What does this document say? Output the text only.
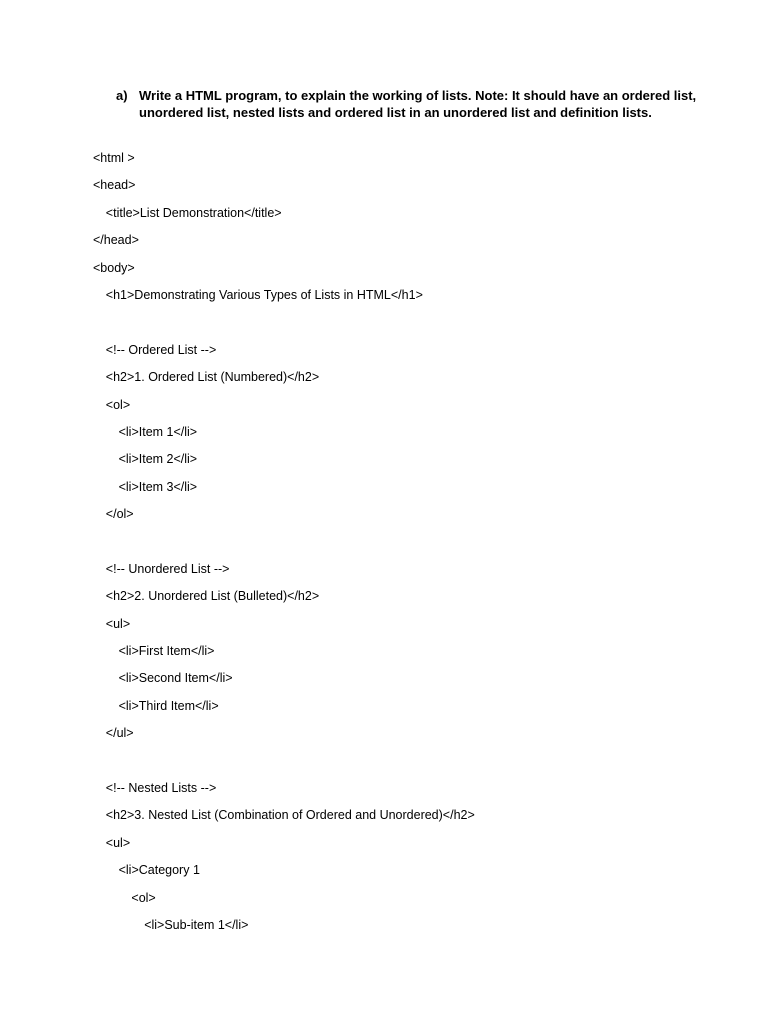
a) Write a HTML program, to explain the working of lists. Note: It should have an ordered list, unordered list, nested lists and ordered list in an unordered list and definition lists.
<html >
<head>
<title>List Demonstration</title>
</head>
<body>
<h1>Demonstrating Various Types of Lists in HTML</h1>
<!-- Ordered List -->
<h2>1. Ordered List (Numbered)</h2>
<ol>
<li>Item 1</li>
<li>Item 2</li>
<li>Item 3</li>
</ol>
<!-- Unordered List -->
<h2>2. Unordered List (Bulleted)</h2>
<ul>
<li>First Item</li>
<li>Second Item</li>
<li>Third Item</li>
</ul>
<!-- Nested Lists -->
<h2>3. Nested List (Combination of Ordered and Unordered)</h2>
<ul>
<li>Category 1
<ol>
<li>Sub-item 1</li>
